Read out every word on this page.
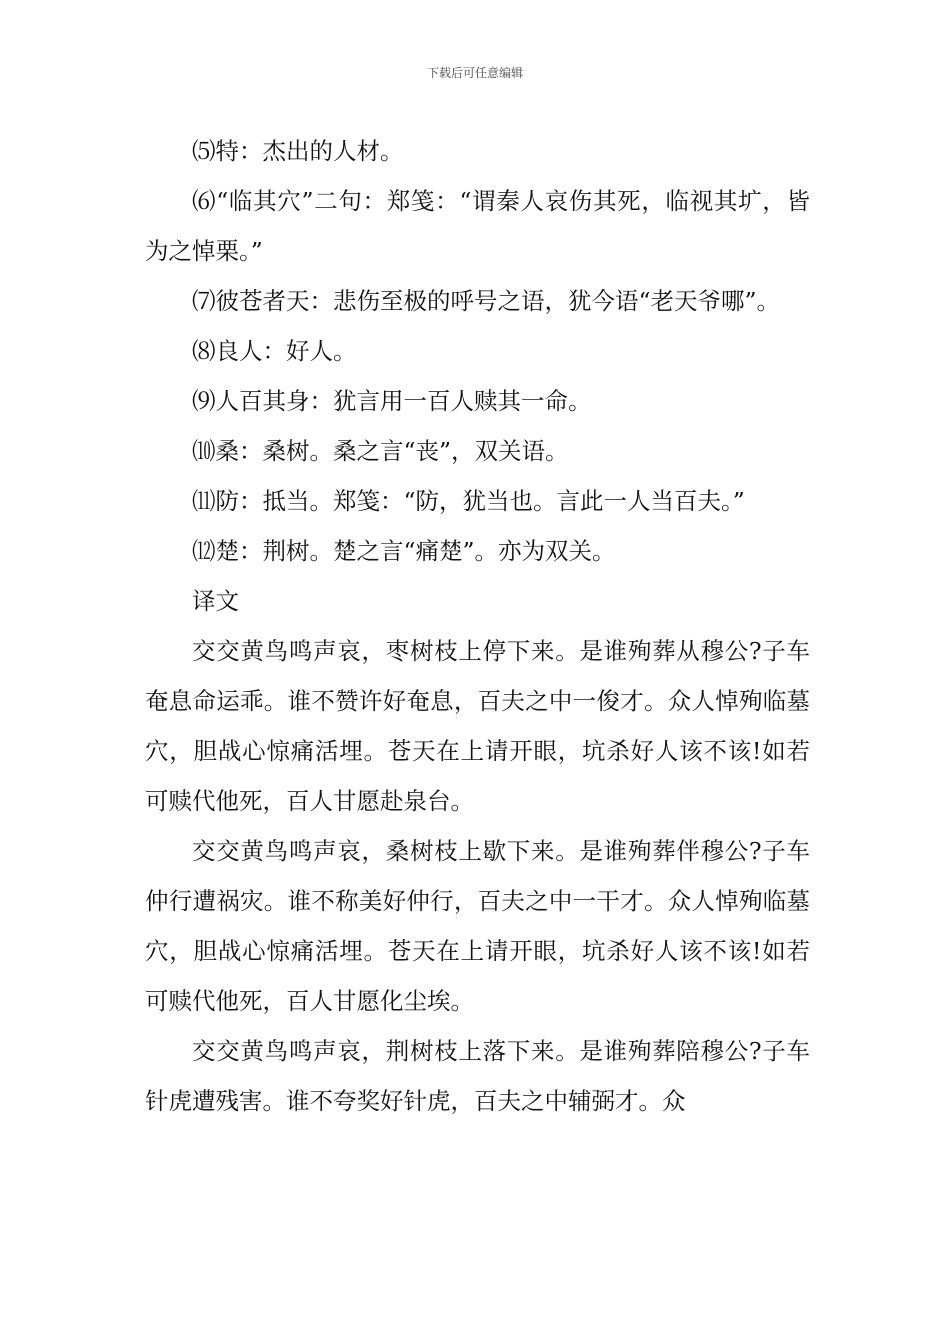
下载后可任意编辑

⑸特：杰出的人材。

⑹“临其穴”二句：郑笺：“谓秦人哀伤其死，临视其圹，皆为之悼栗。”

⑺彼苍者天：悲伤至极的呼号之语，犹今语“老天爷哪”。

⑻良人：好人。

⑼人百其身：犹言用一百人赎其一命。

⑽桑：桑树。桑之言“丧”，双关语。

⑾防：抵当。郑笺：“防，犹当也。言此一人当百夫。”

⑿楚：荆树。楚之言“痛楚”。亦为双关。

译文

交交黄鸟鸣声哀，枣树枝上停下来。是谁殉葬从穆公?子车奄息命运乖。谁不赞许好奄息，百夫之中一俊才。众人悼殉临墓穴，胆战心惊痛活埋。苍天在上请开眼，坑杀好人该不该!如若可赎代他死，百人甘愿赴泉台。

交交黄鸟鸣声哀，桑树枝上歇下来。是谁殉葬伴穆公?子车仲行遭祸灾。谁不称美好仲行，百夫之中一干才。众人悼殉临墓穴，胆战心惊痛活埋。苍天在上请开眼，坑杀好人该不该!如若可赎代他死，百人甘愿化尘埃。

交交黄鸟鸣声哀，荆树枝上落下来。是谁殉葬陪穆公?子车针虎遭残害。谁不夸奖好针虎，百夫之中辅弼才。众
